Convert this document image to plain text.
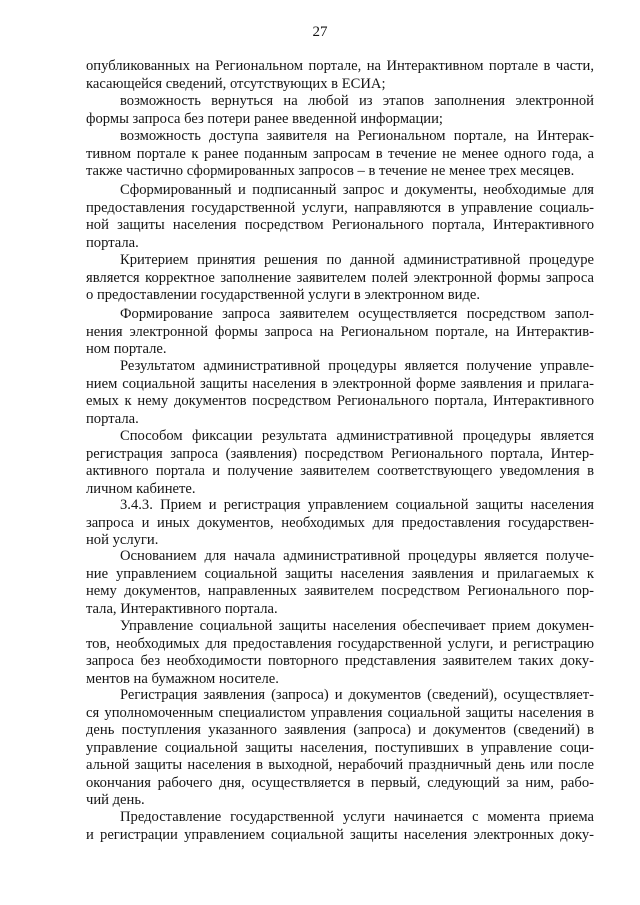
27
опубликованных на Региональном портале, на Интерактивном портале в части,
касающейся сведений, отсутствующих в ЕСИА;
возможность вернуться на любой из этапов заполнения электронной
формы запроса без потери ранее введенной информации;
возможность доступа заявителя на Региональном портале, на Интерак-
тивном портале к ранее поданным запросам в течение не менее одного года, а
также частично сформированных запросов – в течение не менее трех месяцев.
Сформированный и подписанный запрос и документы, необходимые для
предоставления государственной услуги, направляются в управление социаль-
ной защиты населения посредством Регионального портала, Интерактивного
портала.
Критерием принятия решения по данной административной процедуре
является корректное заполнение заявителем полей электронной формы запроса
о предоставлении государственной услуги в электронном виде.
Формирование запроса заявителем осуществляется посредством запол-
нения электронной формы запроса на Региональном портале, на Интерактив-
ном портале.
Результатом административной процедуры является получение управле-
нием социальной защиты населения в электронной форме заявления и прилага-
емых к нему документов посредством Регионального портала, Интерактивного
портала.
Способом фиксации результата административной процедуры является
регистрация запроса (заявления) посредством Регионального портала, Интер-
активного портала и получение заявителем соответствующего уведомления в
личном кабинете.
3.4.3. Прием и регистрация управлением социальной защиты населения
запроса и иных документов, необходимых для предоставления государствен-
ной услуги.
Основанием для начала административной процедуры является получе-
ние управлением социальной защиты населения заявления и прилагаемых к
нему документов, направленных заявителем посредством Регионального пор-
тала, Интерактивного портала.
Управление социальной защиты населения обеспечивает прием докумен-
тов, необходимых для предоставления государственной услуги, и регистрацию
запроса без необходимости повторного представления заявителем таких доку-
ментов на бумажном носителе.
Регистрация заявления (запроса) и документов (сведений), осуществляет-
ся уполномоченным специалистом управления социальной защиты населения в
день поступления указанного заявления (запроса) и документов (сведений) в
управление социальной защиты населения, поступивших в управление соци-
альной защиты населения в выходной, нерабочий праздничный день или после
окончания рабочего дня, осуществляется в первый, следующий за ним, рабо-
чий день.
Предоставление государственной услуги начинается с момента приема
и регистрации управлением социальной защиты населения электронных доку-
